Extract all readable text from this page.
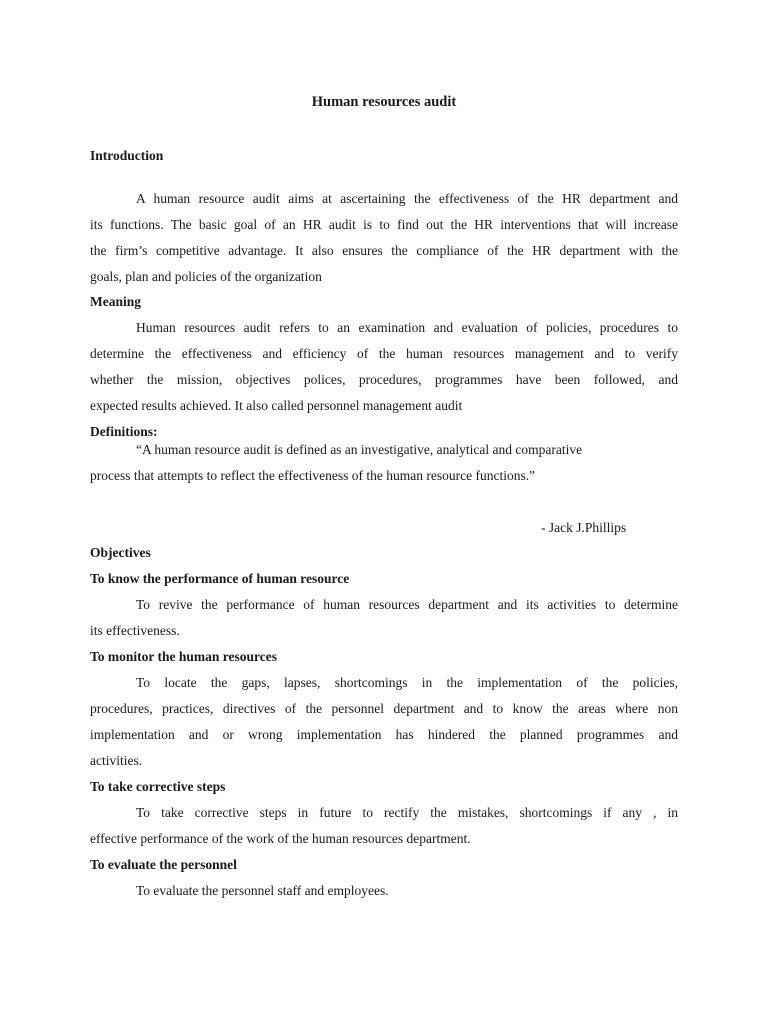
Human resources audit
Introduction
A human resource audit aims at ascertaining the effectiveness of the HR department and
its functions. The basic goal of an HR audit is to find out the HR interventions that will increase
the firm’s competitive advantage. It also ensures the compliance of the HR department with the
goals, plan and policies of the organization
Meaning
Human resources audit refers to an examination and evaluation of policies, procedures to
determine the effectiveness and efficiency of the human resources management and to verify
whether the mission, objectives polices, procedures, programmes have been followed, and
expected results achieved. It also called personnel management audit
Definitions:
“A human resource audit is defined as an investigative, analytical and comparative
process that attempts to reflect the effectiveness of the human resource functions.”
- Jack J.Phillips
Objectives
To know the performance of human resource
To revive the performance of human resources department and its activities to determine
its effectiveness.
To monitor the human resources
To locate the gaps, lapses, shortcomings in the implementation of the policies,
procedures, practices, directives of the personnel department and to know the areas where non
implementation and or wrong implementation has hindered the planned programmes and
activities.
To take corrective steps
To take corrective steps in future to rectify the mistakes, shortcomings if any , in
effective performance of the work of the human resources department.
To evaluate the personnel
To evaluate the personnel staff and employees.
